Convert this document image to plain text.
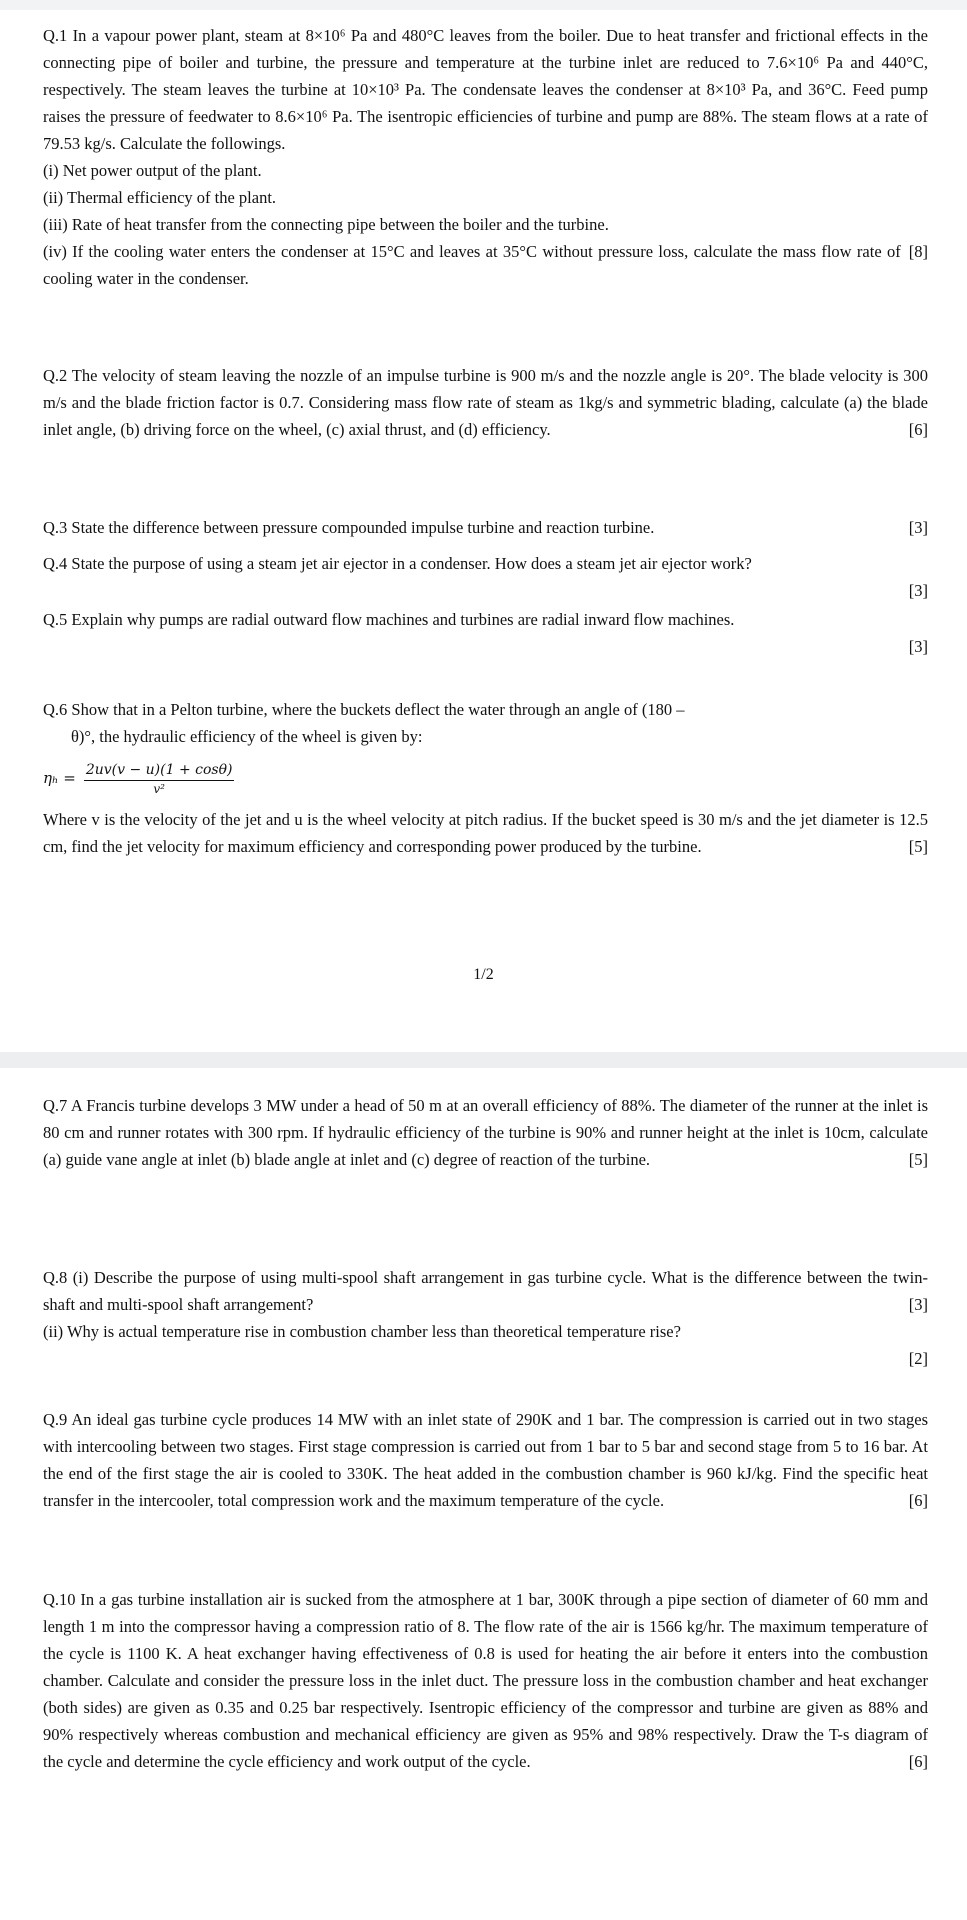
Q.1 In a vapour power plant, steam at 8×10⁶ Pa and 480°C leaves from the boiler. Due to heat transfer and frictional effects in the connecting pipe of boiler and turbine, the pressure and temperature at the turbine inlet are reduced to 7.6×10⁶ Pa and 440°C, respectively. The steam leaves the turbine at 10×10³ Pa. The condensate leaves the condenser at 8×10³ Pa, and 36°C. Feed pump raises the pressure of feedwater to 8.6×10⁶ Pa. The isentropic efficiencies of turbine and pump are 88%. The steam flows at a rate of 79.53 kg/s. Calculate the followings.

(i) Net power output of the plant.

(ii) Thermal efficiency of the plant.

(iii) Rate of heat transfer from the connecting pipe between the boiler and the turbine.

[8]
(iv) If the cooling water enters the condenser at 15°C and leaves at 35°C without pressure loss, calculate the mass flow rate of cooling water in the condenser.

Q.2 The velocity of steam leaving the nozzle of an impulse turbine is 900 m/s and the nozzle angle is 20°. The blade velocity is 300 m/s and the blade friction factor is 0.7. Considering mass flow rate of steam as 1kg/s and symmetric blading, calculate (a) the blade inlet angle, (b) driving force on the wheel, (c) axial thrust, and (d) efficiency.	[6]

[3]
Q.3 State the difference between pressure compounded impulse turbine and reaction turbine.

Q.4 State the purpose of using a steam jet air ejector in a condenser. How does a steam jet air ejector work?

[3]

Q.5 Explain why pumps are radial outward flow machines and turbines are radial inward flow machines.

[3]

Q.6 Show that in a Pelton turbine, where the buckets deflect the water through an angle of (180 –

θ)°, the hydraulic efficiency of the wheel is given by:

$\eta_h = \frac{2uv(v - u)(1 + \cos\theta)}{\text{v²}}$

Where v is the velocity of the jet and u is the wheel velocity at pitch radius. If the bucket speed is 30 m/s and the jet diameter is 12.5 cm, find the jet velocity for maximum efficiency and corresponding power produced by the turbine.	[5]

1/2

Q.7 A Francis turbine develops 3 MW under a head of 50 m at an overall efficiency of 88%. The diameter of the runner at the inlet is 80 cm and runner rotates with 300 rpm. If hydraulic efficiency of the turbine is 90% and runner height at the inlet is 10cm, calculate (a) guide vane angle at inlet (b) blade angle at inlet and (c) degree of reaction of the turbine.	[5]

Q.8 (i) Describe the purpose of using multi-spool shaft arrangement in gas turbine cycle. What is the difference between the twin-shaft and multi-spool shaft arrangement?	[3]

(ii) Why is actual temperature rise in combustion chamber less than theoretical temperature rise?

[2]

Q.9 An ideal gas turbine cycle produces 14 MW with an inlet state of 290K and 1 bar. The compression is carried out in two stages with intercooling between two stages. First stage compression is carried out from 1 bar to 5 bar and second stage from 5 to 16 bar. At the end of the first stage the air is cooled to 330K. The heat added in the combustion chamber is 960 kJ/kg. Find the specific heat transfer in the intercooler, total compression work and the maximum temperature of the cycle.	[6]

Q.10 In a gas turbine installation air is sucked from the atmosphere at 1 bar, 300K through a pipe section of diameter of 60 mm and length 1 m into the compressor having a compression ratio of 8. The flow rate of the air is 1566 kg/hr. The maximum temperature of the cycle is 1100 K. A heat exchanger having effectiveness of 0.8 is used for heating the air before it enters into the combustion chamber. Calculate and consider the pressure loss in the inlet duct. The pressure loss in the combustion chamber and heat exchanger (both sides) are given as 0.35 and 0.25 bar respectively. Isentropic efficiency of the compressor and turbine are given as 88% and 90% respectively whereas combustion and mechanical efficiency are given as 95% and 98% respectively. Draw the T-s diagram of the cycle and determine the cycle efficiency and work output of the cycle.	[6]
